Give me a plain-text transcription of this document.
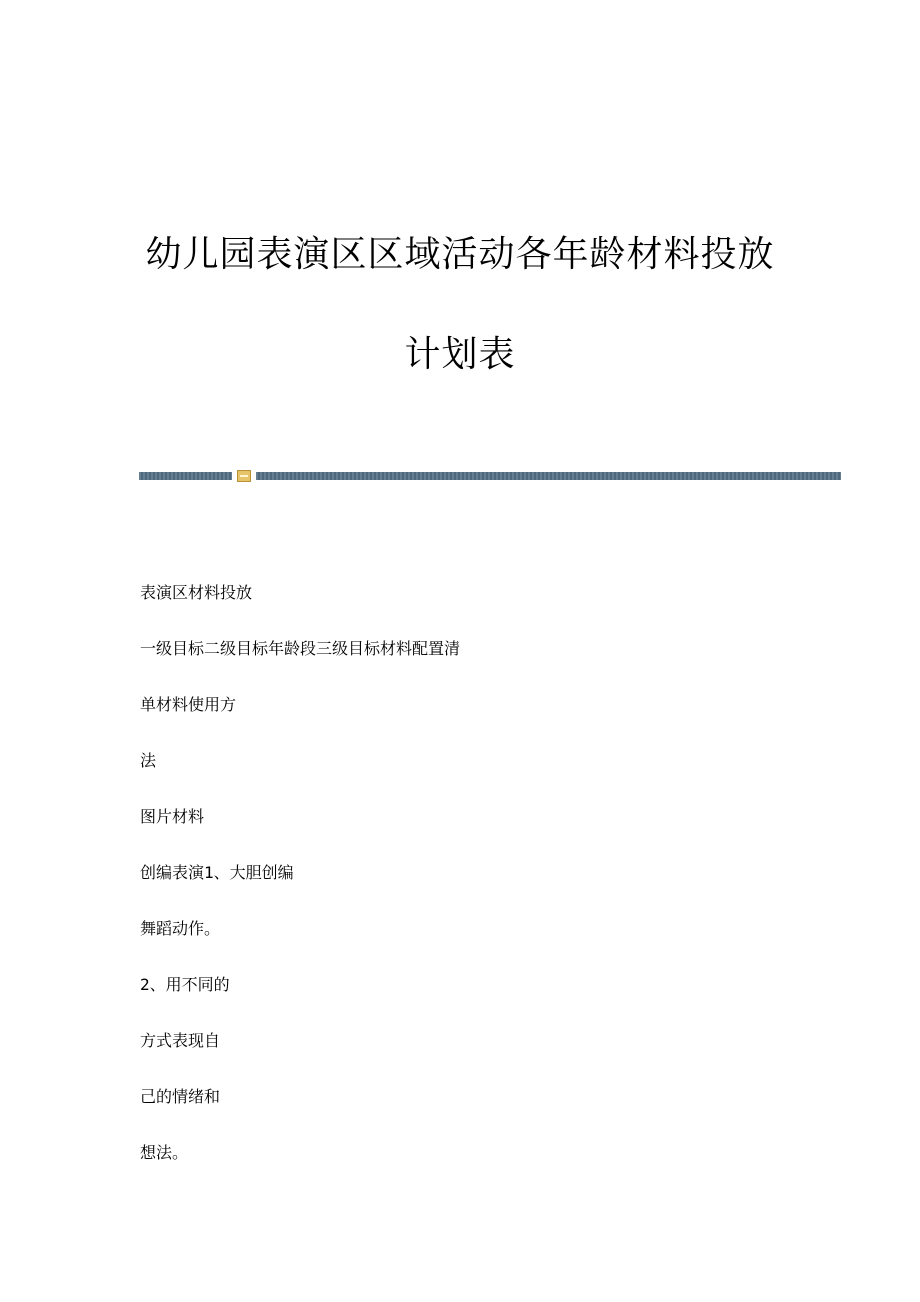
幼儿园表演区区域活动各年龄材料投放
计划表

表演区材料投放

一级目标二级目标年龄段三级目标材料配置清

单材料使用方

法

图片材料

创编表演1、大胆创编

舞蹈动作。

2、用不同的

方式表现自

己的情绪和

想法。
